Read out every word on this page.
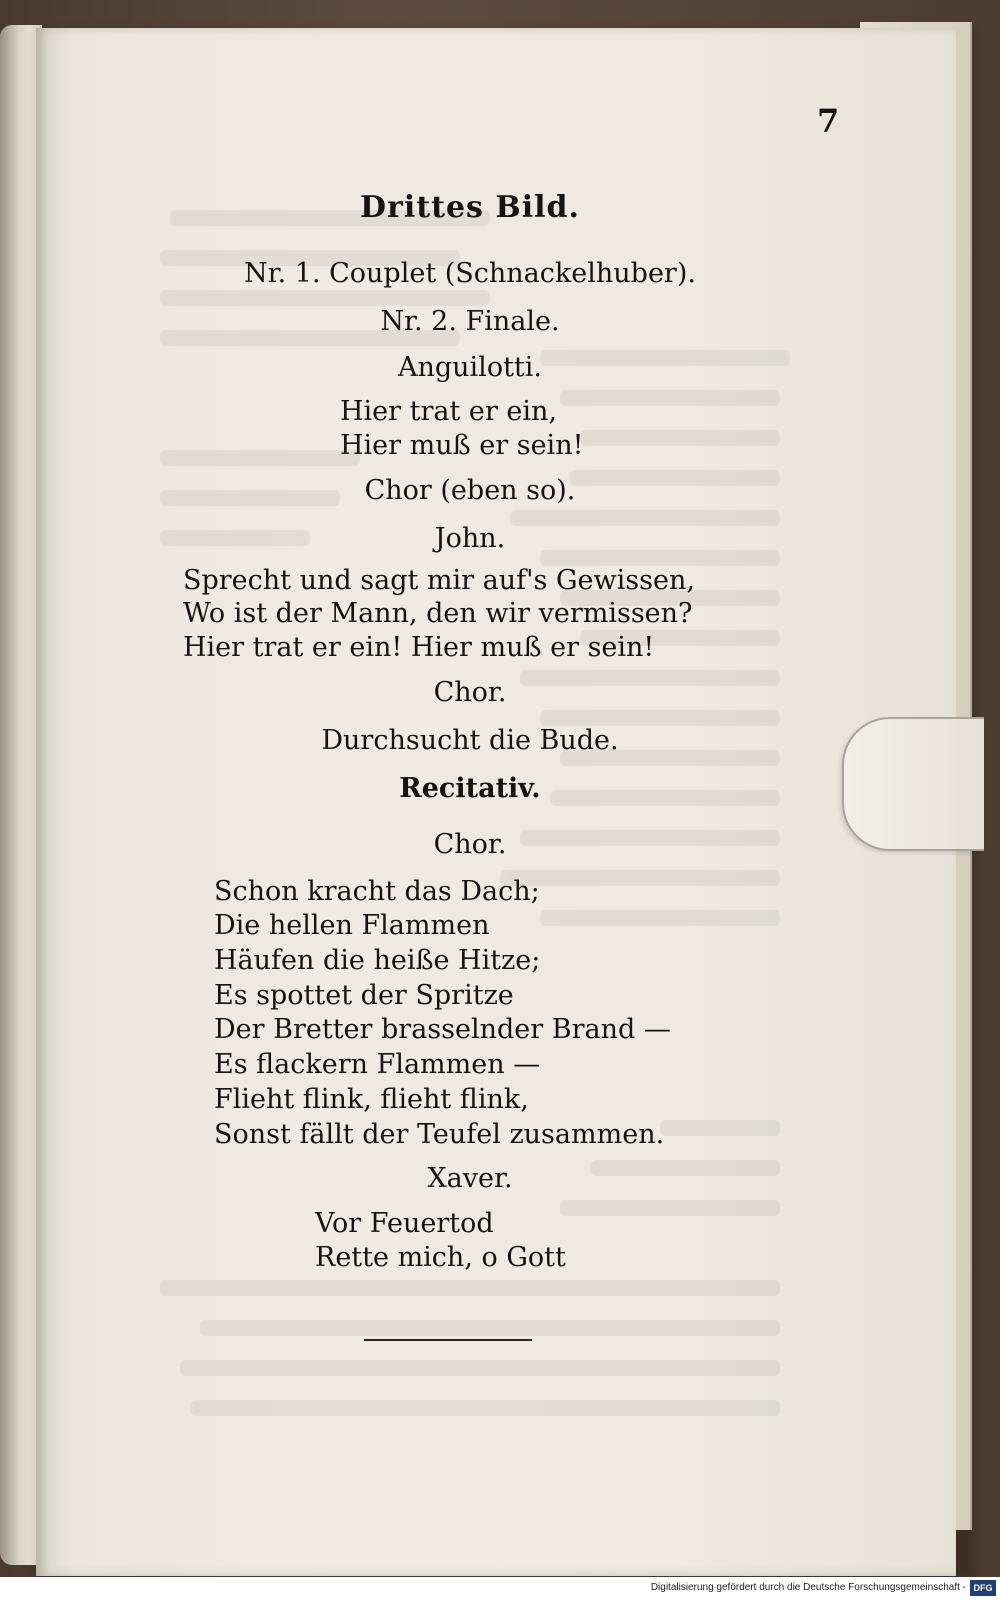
7
Drittes Bild.
Nr. 1. Couplet (Schnackelhuber).
Nr. 2. Finale.
Anguilotti.
Hier trat er ein,
Hier muß er sein!
Chor (eben so).
John.
Sprecht und sagt mir auf's Gewissen,
Wo ist der Mann, den wir vermissen?
Hier trat er ein! Hier muß er sein!
Chor.
Durchsucht die Bude.
Recitativ.
Chor.
Schon kracht das Dach;
Die hellen Flammen
Häufen die heiße Hitze;
Es spottet der Spritze
Der Bretter brasselnder Brand —
Es flackern Flammen —
Flieht flink, flieht flink,
Sonst fällt der Teufel zusammen.
Xaver.
Vor Feuertod
Rette mich, o Gott
Digitalisierung gefördert durch die Deutsche Forschungsgemeinschaft - DFG
